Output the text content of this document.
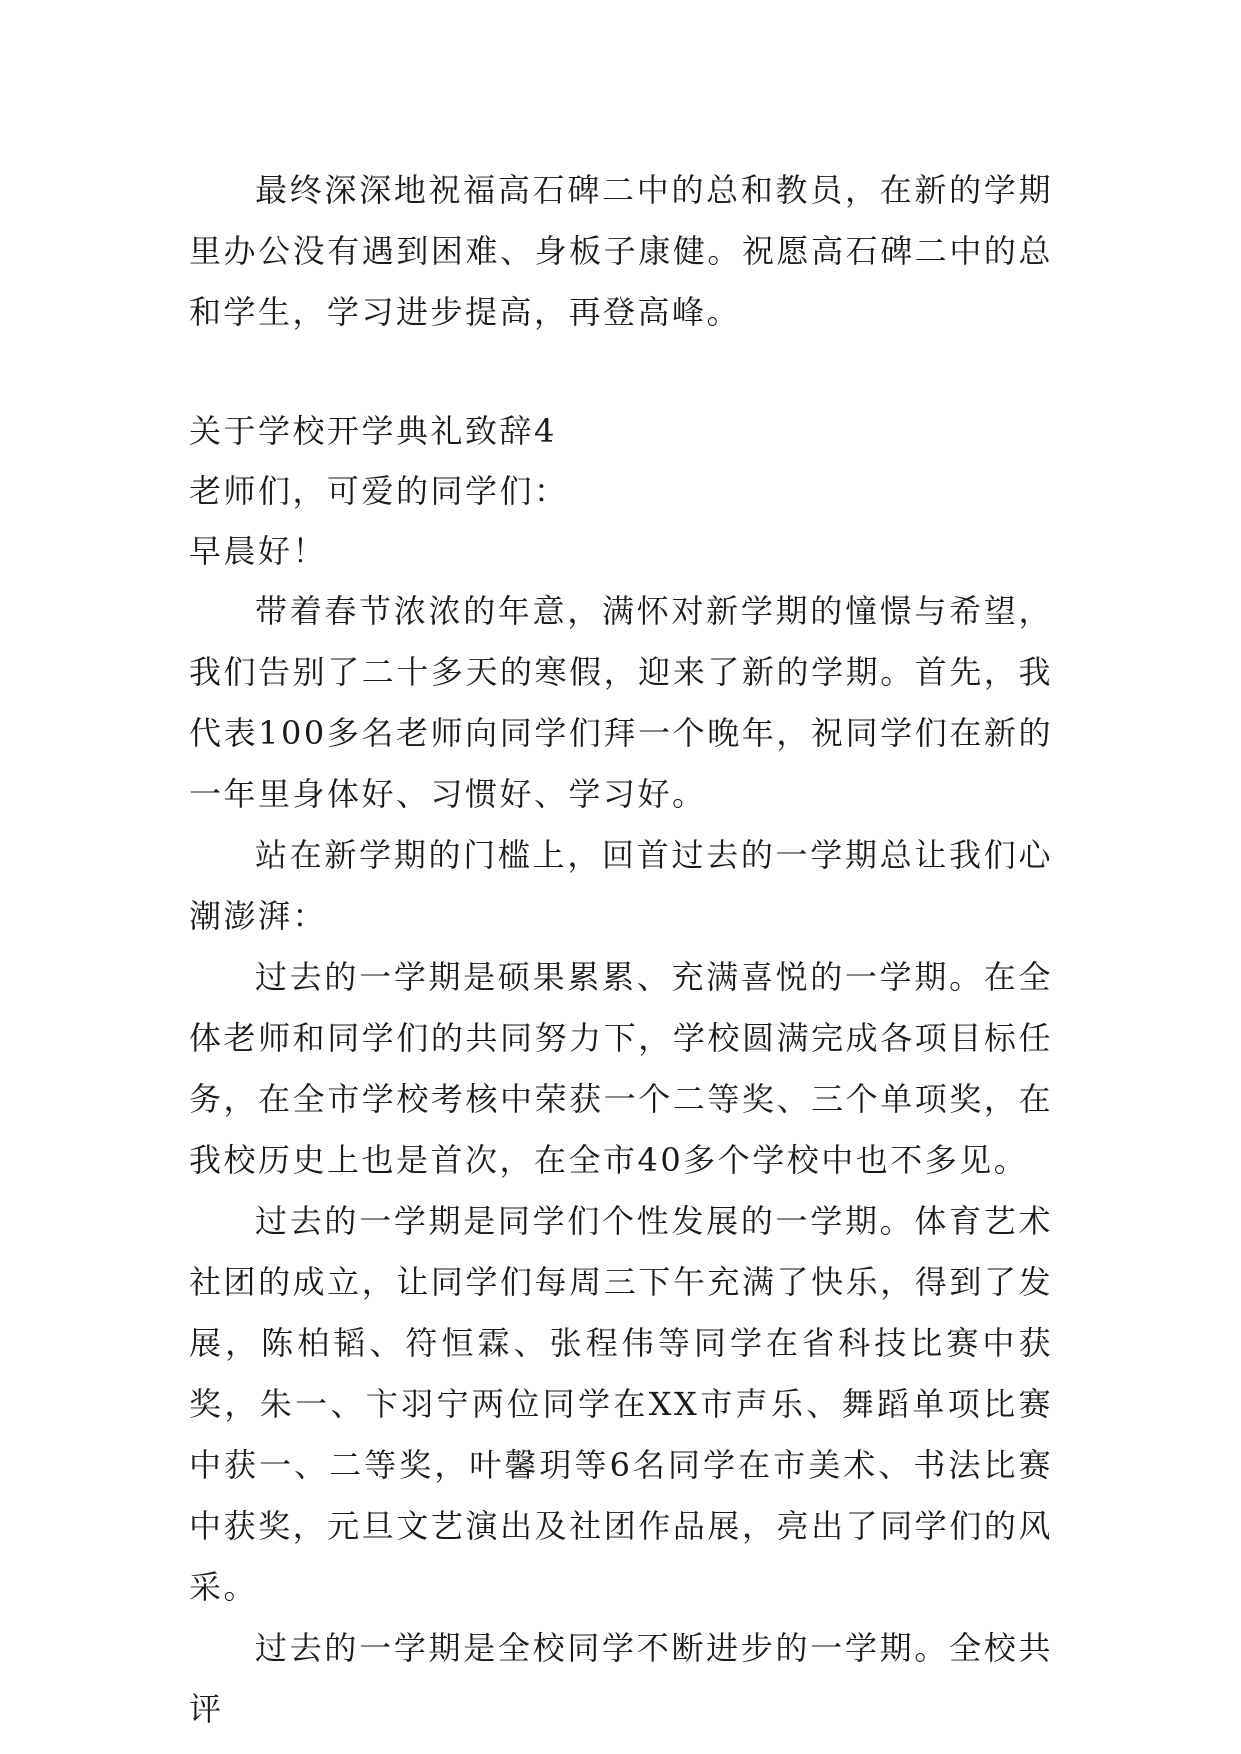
最终深深地祝福高石碑二中的总和教员，在新的学期里办公没有遇到困难、身板子康健。祝愿高石碑二中的总和学生，学习进步提高，再登高峰。

关于学校开学典礼致辞4

老师们，可爱的同学们：

早晨好！

带着春节浓浓的年意，满怀对新学期的憧憬与希望，我们告别了二十多天的寒假，迎来了新的学期。首先，我代表100多名老师向同学们拜一个晚年，祝同学们在新的一年里身体好、习惯好、学习好。

站在新学期的门槛上，回首过去的一学期总让我们心潮澎湃：

过去的一学期是硕果累累、充满喜悦的一学期。在全体老师和同学们的共同努力下，学校圆满完成各项目标任务，在全市学校考核中荣获一个二等奖、三个单项奖，在我校历史上也是首次，在全市40多个学校中也不多见。

过去的一学期是同学们个性发展的一学期。体育艺术社团的成立，让同学们每周三下午充满了快乐，得到了发展，陈柏韬、符恒霖、张程伟等同学在省科技比赛中获奖，朱一、卞羽宁两位同学在XX市声乐、舞蹈单项比赛中获一、二等奖，叶馨玥等6名同学在市美术、书法比赛中获奖，元旦文艺演出及社团作品展，亮出了同学们的风采。

过去的一学期是全校同学不断进步的一学期。全校共评
